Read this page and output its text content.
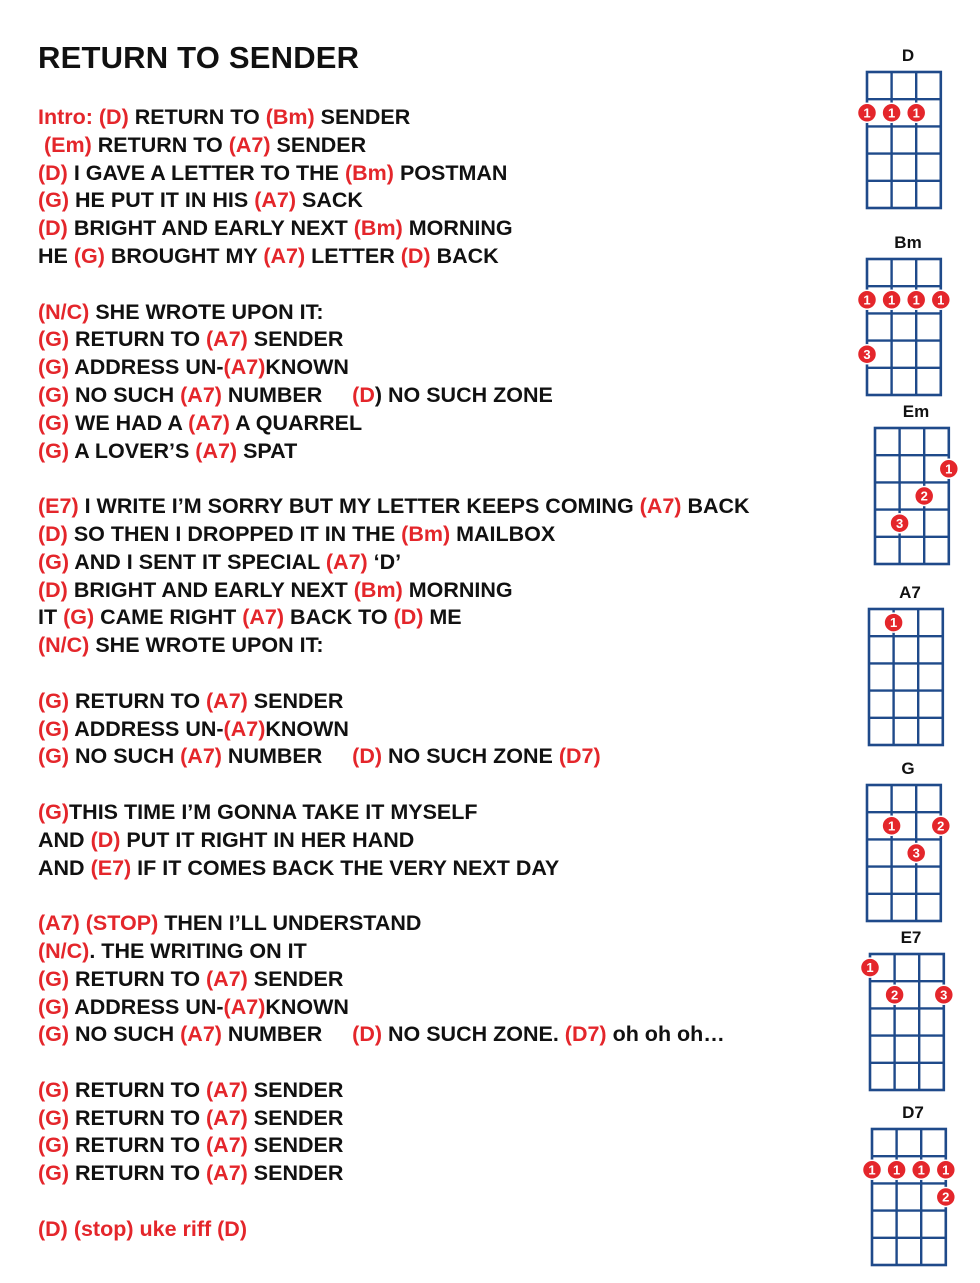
RETURN TO SENDER
Intro: (D) RETURN TO (Bm) SENDER
(Em) RETURN TO (A7) SENDER
(D) I GAVE A LETTER TO THE (Bm) POSTMAN
(G) HE PUT IT IN HIS (A7) SACK
(D) BRIGHT AND EARLY NEXT (Bm) MORNING
HE (G) BROUGHT MY (A7) LETTER (D) BACK
(N/C) SHE WROTE UPON IT:
(G) RETURN TO (A7) SENDER
(G) ADDRESS UN-(A7)KNOWN
(G) NO SUCH (A7) NUMBER     (D) NO SUCH ZONE
(G) WE HAD A (A7) A QUARREL
(G) A LOVER’S (A7) SPAT
(E7) I WRITE I’M SORRY BUT MY LETTER KEEPS COMING (A7) BACK
(D) SO THEN I DROPPED IT IN THE (Bm) MAILBOX
(G) AND I SENT IT SPECIAL (A7) ‘D’
(D) BRIGHT AND EARLY NEXT (Bm) MORNING
IT (G) CAME RIGHT (A7) BACK TO (D) ME
(N/C) SHE WROTE UPON IT:
(G) RETURN TO (A7) SENDER
(G) ADDRESS UN-(A7)KNOWN
(G) NO SUCH (A7) NUMBER     (D) NO SUCH ZONE (D7)
(G)THIS TIME I’M GONNA TAKE IT MYSELF
AND (D) PUT IT RIGHT IN HER HAND
AND (E7) IF IT COMES BACK THE VERY NEXT DAY
(A7) (STOP) THEN I’LL UNDERSTAND
(N/C). THE WRITING ON IT
(G) RETURN TO (A7) SENDER
(G) ADDRESS UN-(A7)KNOWN
(G) NO SUCH (A7) NUMBER     (D) NO SUCH ZONE. (D7) oh oh oh…
(G) RETURN TO (A7) SENDER
(G) RETURN TO (A7) SENDER
(G) RETURN TO (A7) SENDER
(G) RETURN TO (A7) SENDER
(D) (stop) uke riff (D)
D
1 1 1
Bm
1 1 1 1
3
Em
1
2
3
A7
1
G
1	2
3
E7
1
2	3
D7
1 1 1 1
2
